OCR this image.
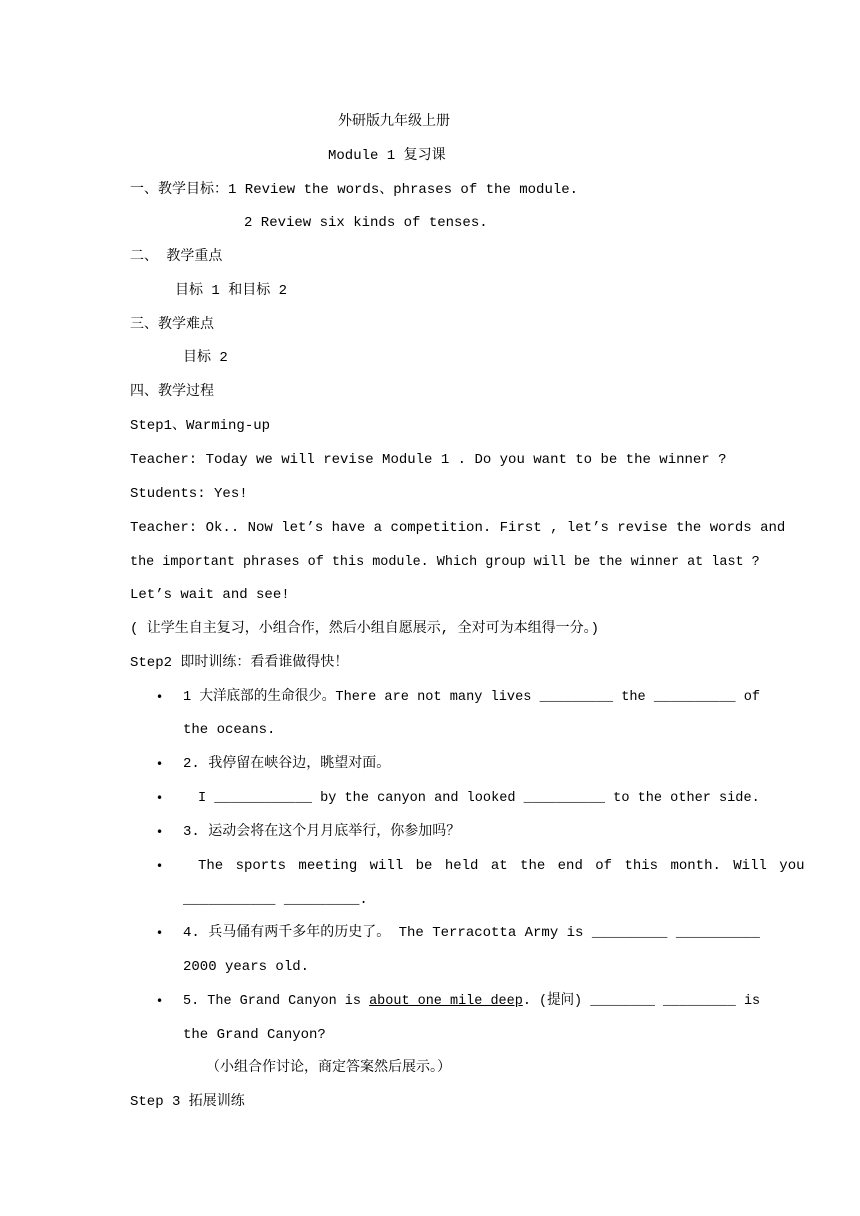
外研版九年级上册
Module 1 复习课
一、教学目标：1 Review the words、phrases of the module.
2 Review six kinds of tenses.
二、 教学重点
目标 1 和目标 2
三、教学难点
目标 2
四、教学过程
Step1、Warming-up
Teacher: Today we will revise Module 1 . Do you want to be the winner ?
Students: Yes!
Teacher: Ok.. Now let’s have a competition. First , let’s revise the words and
the important phrases of this module. Which group will be the winner at last ?
Let’s wait and see!
( 让学生自主复习，小组合作，然后小组自愿展示, 全对可为本组得一分。)
Step2 即时训练：看看谁做得快！
• 1 大洋底部的生命很少。There are not many lives _________ the __________ of
the oceans.
• 2. 我停留在峡谷边，眺望对面。
• I ____________ by the canyon and looked __________ to the other side.
• 3. 运动会将在这个月月底举行，你参加吗？
• The sports meeting will be held at the end of this month. Will you
___________ _________.
• 4. 兵马俑有两千多年的历史了。 The Terracotta Army is _________ __________
2000 years old.
• 5. The Grand Canyon is about one mile deep. (提问) ________ _________ is
the Grand Canyon?
（小组合作讨论，商定答案然后展示。）
Step 3 拓展训练
